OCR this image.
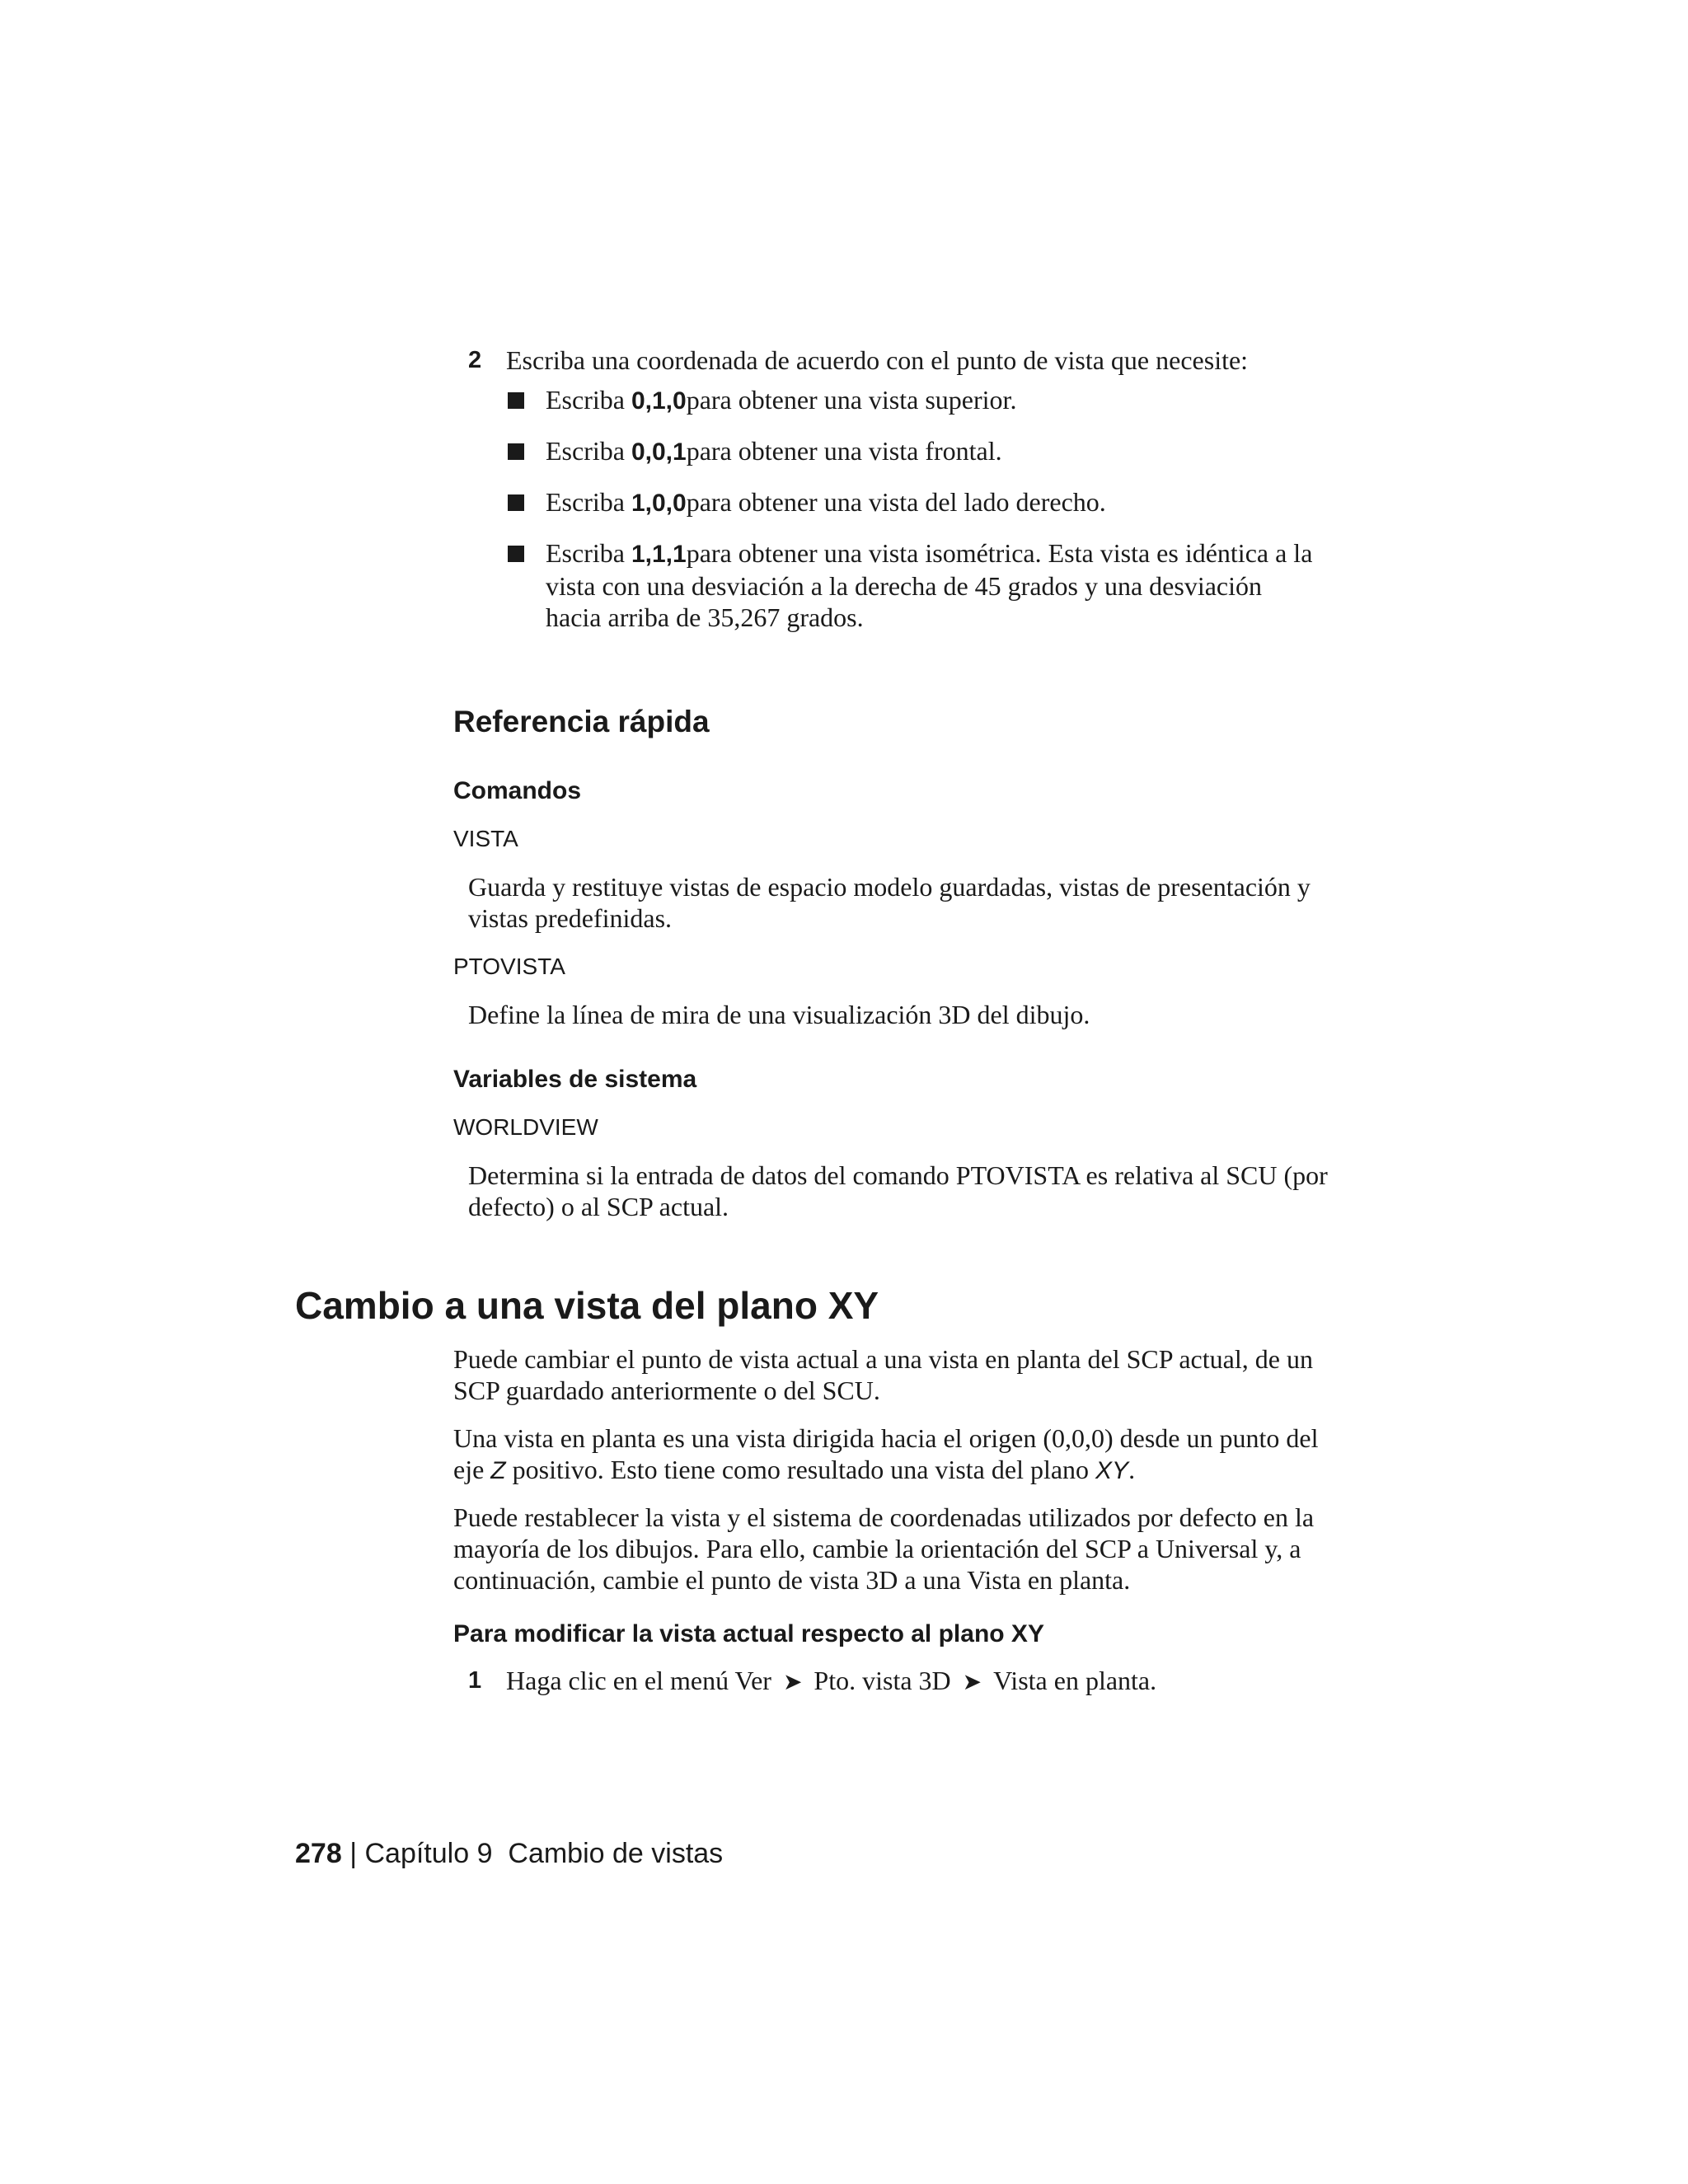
2 Escriba una coordenada de acuerdo con el punto de vista que necesite:
Escriba 0,1,0para obtener una vista superior.
Escriba 0,0,1para obtener una vista frontal.
Escriba 1,0,0para obtener una vista del lado derecho.
Escriba 1,1,1para obtener una vista isométrica. Esta vista es idéntica a la vista con una desviación a la derecha de 45 grados y una desviación hacia arriba de 35,267 grados.
Referencia rápida
Comandos
VISTA
Guarda y restituye vistas de espacio modelo guardadas, vistas de presentación y vistas predefinidas.
PTOVISTA
Define la línea de mira de una visualización 3D del dibujo.
Variables de sistema
WORLDVIEW
Determina si la entrada de datos del comando PTOVISTA es relativa al SCU (por defecto) o al SCP actual.
Cambio a una vista del plano XY
Puede cambiar el punto de vista actual a una vista en planta del SCP actual, de un SCP guardado anteriormente o del SCU.
Una vista en planta es una vista dirigida hacia el origen (0,0,0) desde un punto del eje Z positivo. Esto tiene como resultado una vista del plano XY.
Puede restablecer la vista y el sistema de coordenadas utilizados por defecto en la mayoría de los dibujos. Para ello, cambie la orientación del SCP a Universal y, a continuación, cambie el punto de vista 3D a una Vista en planta.
Para modificar la vista actual respecto al plano XY
1 Haga clic en el menú Ver ➤ Pto. vista 3D ➤ Vista en planta.
278 | Capítulo 9 Cambio de vistas
